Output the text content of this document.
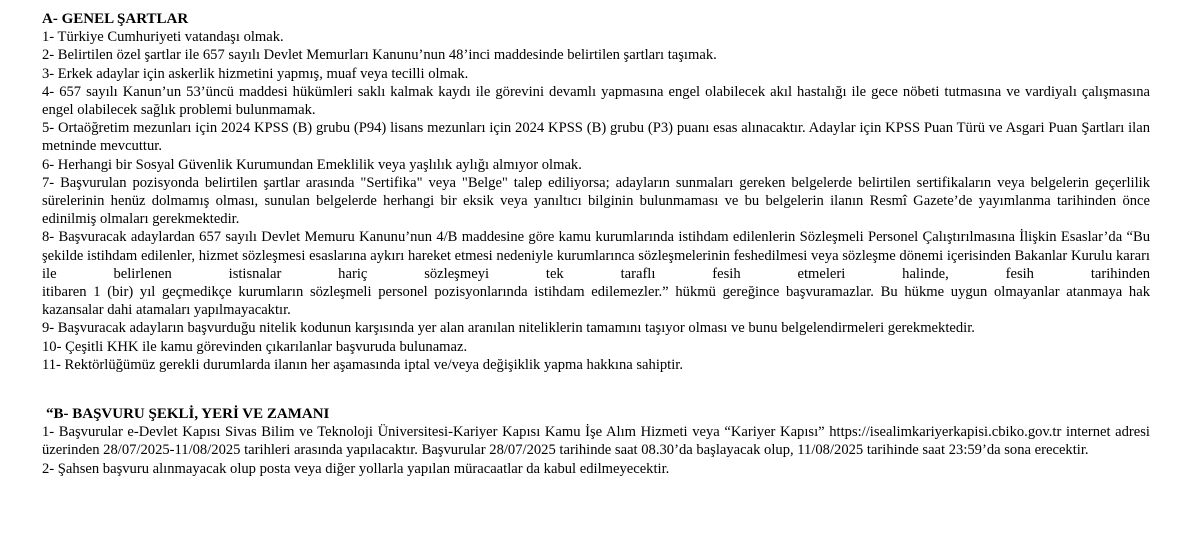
A- GENEL ŞARTLAR

1- Türkiye Cumhuriyeti vatandaşı olmak.

2- Belirtilen özel şartlar ile 657 sayılı Devlet Memurları Kanunu’nun 48’inci maddesinde belirtilen şartları taşımak.

3- Erkek adaylar için askerlik hizmetini yapmış, muaf veya tecilli olmak.

4- 657 sayılı Kanun’un 53’üncü maddesi hükümleri saklı kalmak kaydı ile görevini devamlı yapmasına engel olabilecek akıl hastalığı ile gece nöbeti tutmasına ve vardiyalı çalışmasına engel olabilecek sağlık problemi bulunmamak.

5- Ortaöğretim mezunları için 2024 KPSS (B) grubu (P94) lisans mezunları için 2024 KPSS (B) grubu (P3) puanı esas alınacaktır. Adaylar için KPSS Puan Türü ve Asgari Puan Şartları ilan metninde mevcuttur.

6- Herhangi bir Sosyal Güvenlik Kurumundan Emeklilik veya yaşlılık aylığı almıyor olmak.

7- Başvurulan pozisyonda belirtilen şartlar arasında "Sertifika" veya "Belge" talep ediliyorsa; adayların sunmaları gereken belgelerde belirtilen sertifikaların veya belgelerin geçerlilik sürelerinin henüz dolmamış olması, sunulan belgelerde herhangi bir eksik veya yanıltıcı bilginin bulunmaması ve bu belgelerin ilanın Resmî Gazete’de yayımlanma tarihinden önce edinilmiş olmaları gerekmektedir.

8- Başvuracak adaylardan 657 sayılı Devlet Memuru Kanunu’nun 4/B maddesine göre kamu kurumlarında istihdam edilenlerin Sözleşmeli Personel Çalıştırılmasına İlişkin Esaslar’da “Bu şekilde istihdam edilenler, hizmet sözleşmesi esaslarına aykırı hareket etmesi nedeniyle kurumlarınca sözleşmelerinin feshedilmesi veya sözleşme dönemi içerisinden Bakanlar Kurulu kararı ile belirlenen istisnalar hariç sözleşmeyi tek taraflı fesih etmeleri halinde, fesih tarihinden

itibaren 1 (bir) yıl geçmedikçe kurumların sözleşmeli personel pozisyonlarında istihdam edilemezler.” hükmü gereğince başvuramazlar. Bu hükme uygun olmayanlar atanmaya hak kazansalar dahi atamaları yapılmayacaktır.

9- Başvuracak adayların başvurduğu nitelik kodunun karşısında yer alan aranılan niteliklerin tamamını taşıyor olması ve bunu belgelendirmeleri gerekmektedir.

10- Çeşitli KHK ile kamu görevinden çıkarılanlar başvuruda bulunamaz.

11- Rektörlüğümüz gerekli durumlarda ilanın her aşamasında iptal ve/veya değişiklik yapma hakkına sahiptir.

“B- BAŞVURU ŞEKLİ, YERİ VE ZAMANI

1- Başvurular e-Devlet Kapısı Sivas Bilim ve Teknoloji Üniversitesi-Kariyer Kapısı Kamu İşe Alım Hizmeti veya “Kariyer Kapısı” https://isealimkariyerkapisi.cbiko.gov.tr internet adresi üzerinden 28/07/2025-11/08/2025 tarihleri arasında yapılacaktır. Başvurular 28/07/2025 tarihinde saat 08.30’da başlayacak olup, 11/08/2025 tarihinde saat 23:59’da sona erecektir.

2- Şahsen başvuru alınmayacak olup posta veya diğer yollarla yapılan müracaatlar da kabul edilmeyecektir.
